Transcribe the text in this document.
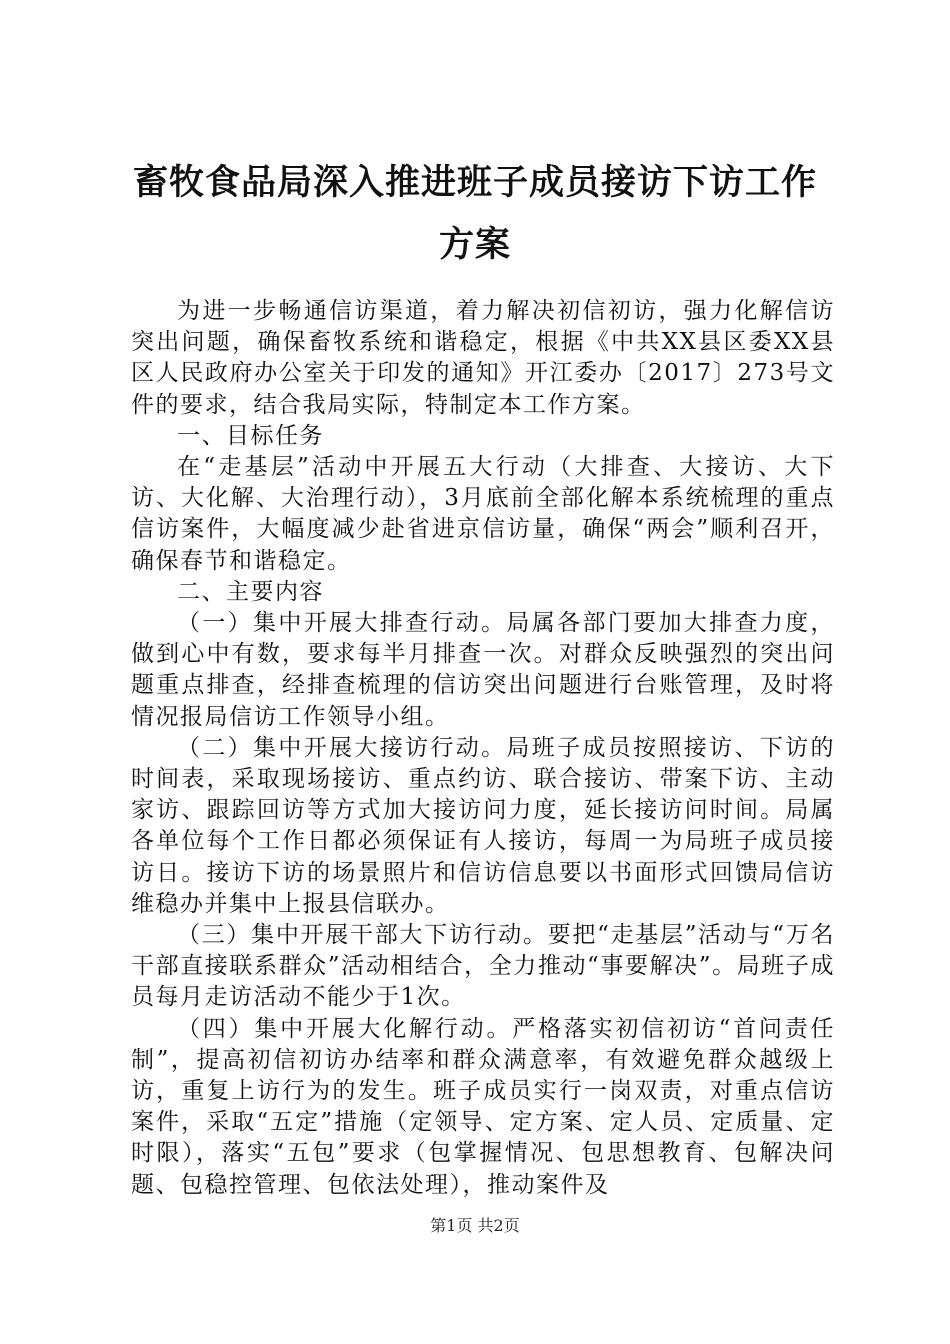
畜牧食品局深入推进班子成员接访下访工作方案

为进一步畅通信访渠道，着力解决初信初访，强力化解信访突出问题，确保畜牧系统和谐稳定，根据《中共XX县区委XX县区人民政府办公室关于印发的通知》开江委办〔2017〕273号文件的要求，结合我局实际，特制定本工作方案。

一、目标任务

在“走基层”活动中开展五大行动（大排查、大接访、大下访、大化解、大治理行动），3月底前全部化解本系统梳理的重点信访案件，大幅度减少赴省进京信访量，确保“两会”顺利召开，确保春节和谐稳定。

二、主要内容

（一）集中开展大排查行动。局属各部门要加大排查力度，做到心中有数，要求每半月排查一次。对群众反映强烈的突出问题重点排查，经排查梳理的信访突出问题进行台账管理，及时将情况报局信访工作领导小组。

（二）集中开展大接访行动。局班子成员按照接访、下访的时间表，采取现场接访、重点约访、联合接访、带案下访、主动家访、跟踪回访等方式加大接访问力度，延长接访问时间。局属各单位每个工作日都必须保证有人接访，每周一为局班子成员接访日。接访下访的场景照片和信访信息要以书面形式回馈局信访维稳办并集中上报县信联办。

（三）集中开展干部大下访行动。要把“走基层”活动与“万名干部直接联系群众”活动相结合，全力推动“事要解决”。局班子成员每月走访活动不能少于1次。

（四）集中开展大化解行动。严格落实初信初访“首问责任制”，提高初信初访办结率和群众满意率，有效避免群众越级上访，重复上访行为的发生。班子成员实行一岗双责，对重点信访案件，采取“五定”措施（定领导、定方案、定人员、定质量、定时限），落实“五包”要求（包掌握情况、包思想教育、包解决问题、包稳控管理、包依法处理），推动案件及

第1页 共2页
